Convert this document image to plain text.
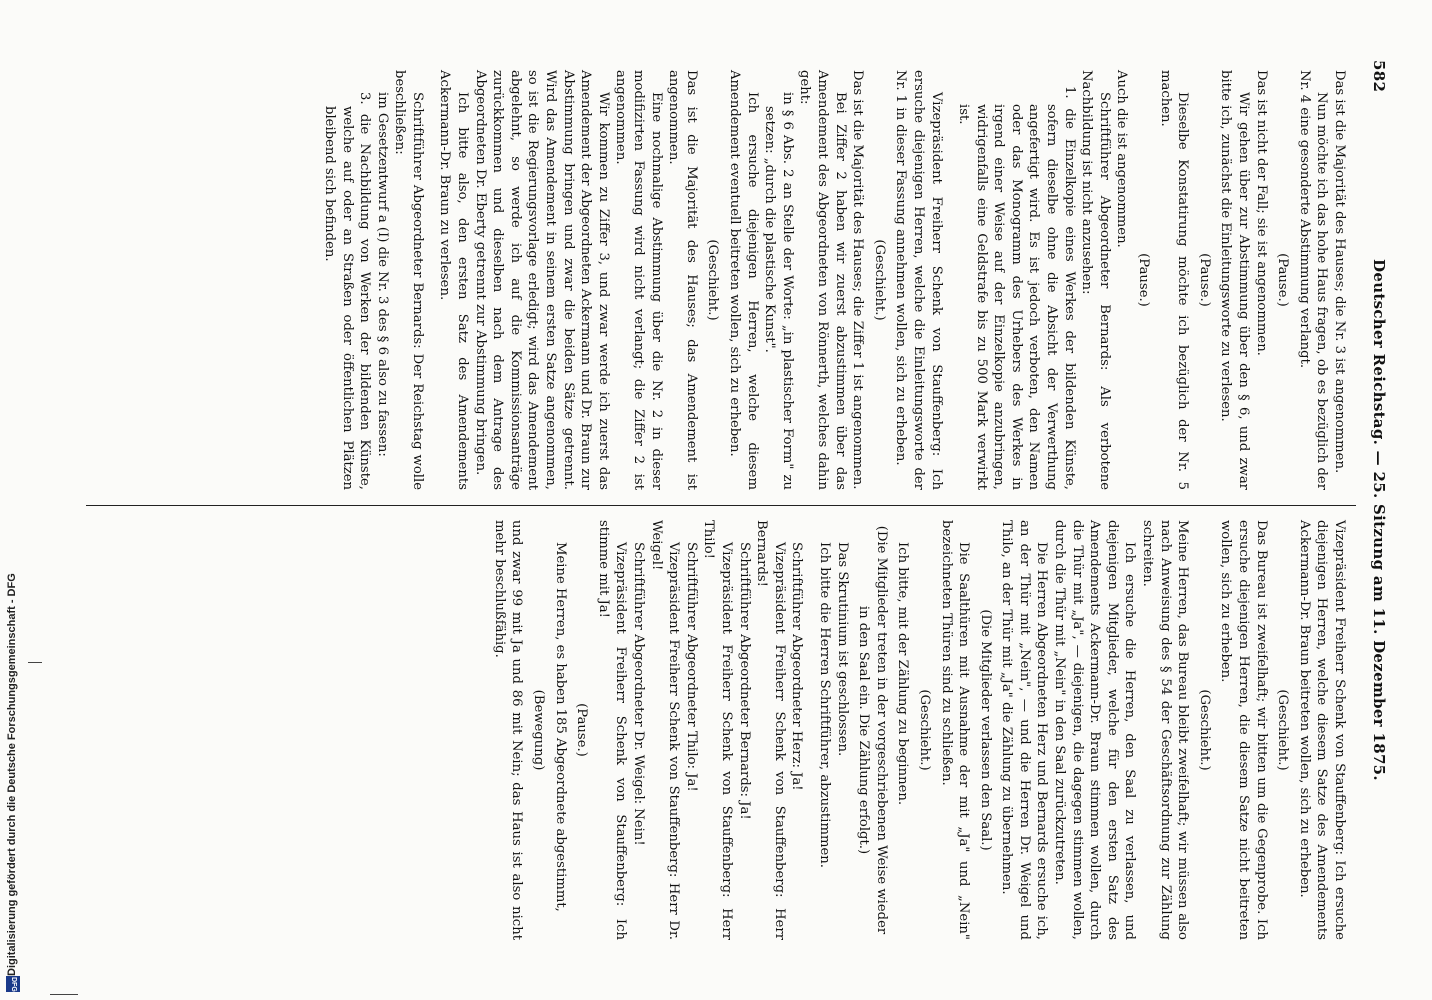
582
Deutscher Reichstag. — 25. Sitzung am 11. Dezember 1875.

Das ist die Majorität des Hauses; die Nr. 3 ist angenommen.

Nun möchte ich das hohe Haus fragen, ob es bezüglich der Nr. 4 eine gesonderte Abstimmung verlangt.

(Pause.)

Das ist nicht der Fall; sie ist angenommen.

Wir gehen über zur Abstimmung über den § 6, und zwar bitte ich, zunächst die Einleitungsworte zu verlesen.

(Pause.)

Dieselbe Konstatirung möchte ich bezüglich der Nr. 5 machen.

(Pause.)

Auch die ist angenommen.

Schriftführer Abgeordneter Bernards: Als verbotene Nachbildung ist nicht anzusehen:

1. die Einzelkopie eines Werkes der bildenden Künste, sofern dieselbe ohne die Absicht der Verwerthung angefertigt wird. Es ist jedoch verboten, den Namen oder das Monogramm des Urhebers des Werkes in irgend einer Weise auf der Einzelkopie anzubringen, widrigenfalls eine Geldstrafe bis zu 500 Mark verwirkt ist.

Vizepräsident Freiherr Schenk von Stauffenberg: Ich ersuche diejenigen Herren, welche die Einleitungsworte der Nr. 1 in dieser Fassung annehmen wollen, sich zu erheben.

(Geschieht.)

Das ist die Majorität des Hauses; die Ziffer 1 ist angenommen.

Bei Ziffer 2 haben wir zuerst abzustimmen über das Amendement des Abgeordneten von Rönnerth, welches dahin geht:

in § 6 Abs. 2 an Stelle der Worte: „in plastischer Form" zu setzen: „durch die plastische Kunst".

Ich ersuche diejenigen Herren, welche diesem Amendement eventuell beitreten wollen, sich zu erheben.

(Geschieht.)

Das ist die Majorität des Hauses; das Amendement ist angenommen.

Eine nochmalige Abstimmung über die Nr. 2 in dieser modifizirten Fassung wird nicht verlangt; die Ziffer 2 ist angenommen.

Wir kommen zu Ziffer 3, und zwar werde ich zuerst das Amendement der Abgeordneten Ackermann und Dr. Braun zur Abstimmung bringen und zwar die beiden Sätze getrennt. Wird das Amendement in seinem ersten Satze angenommen, so ist die Regierungsvorlage erledigt; wird das Amendement abgelehnt, so werde ich auf die Kommissionsanträge zurückkommen und dieselben nach dem Antrage des Abgeordneten Dr. Eberty getrennt zur Abstimmung bringen.

Ich bitte also, den ersten Satz des Amendements Ackermann-Dr. Braun zu verlesen.

Schriftführer Abgeordneter Bernards: Der Reichstag wolle beschließen:

im Gesetzentwurf a (I) die Nr. 3 des § 6 also zu fassen:

3. die Nachbildung von Werken der bildenden Künste, welche auf oder an Straßen oder öffentlichen Plätzen bleibend sich befinden.

Vizepräsident Freiherr Schenk von Stauffenberg: Ich ersuche diejenigen Herren, welche diesem Satze des Amendements Ackermann-Dr. Braun beitreten wollen, sich zu erheben.

(Geschieht.)

Das Bureau ist zweifelhaft; wir bitten um die Gegenprobe. Ich ersuche diejenigen Herren, die diesem Satze nicht beitreten wollen, sich zu erheben.

(Geschieht.)

Meine Herren, das Bureau bleibt zweifelhaft; wir müssen also nach Anweisung des § 54 der Geschäftsordnung zur Zählung schreiten.

Ich ersuche die Herren, den Saal zu verlassen, und diejenigen Mitglieder, welche für den ersten Satz des Amendements Ackermann-Dr. Braun stimmen wollen, durch die Thür mit „Ja", — diejenigen, die dagegen stimmen wollen, durch die Thür mit „Nein" in den Saal zurückzutreten.

Die Herren Abgeordneten Herz und Bernards ersuche ich, an der Thür mit „Nein", — und die Herren Dr. Weigel und Thilo, an der Thür mit „Ja" die Zählung zu übernehmen.

(Die Mitglieder verlassen den Saal.)

Die Saalthüren mit Ausnahme der mit „Ja" und „Nein" bezeichneten Thüren sind zu schließen.

(Geschieht.)

Ich bitte, mit der Zählung zu beginnen.

(Die Mitglieder treten in der vorgeschriebenen Weise wieder in den Saal ein. Die Zählung erfolgt.)

Das Skrutinium ist geschlossen.

Ich bitte die Herren Schriftführer, abzustimmen.

Schriftführer Abgeordneter Herz: Ja!

Vizepräsident Freiherr Schenk von Stauffenberg: Herr Bernards!

Schriftführer Abgeordneter Bernards: Ja!

Vizepräsident Freiherr Schenk von Stauffenberg: Herr Thilo!

Schriftführer Abgeordneter Thilo: Ja!

Vizepräsident Freiherr Schenk von Stauffenberg: Herr Dr. Weigel!

Schriftführer Abgeordneter Dr. Weigel: Nein!

Vizepräsident Freiherr Schenk von Stauffenberg: Ich stimme mit Ja!

(Pause.)

Meine Herren, es haben 185 Abgeordnete abgestimmt,

(Bewegung)

und zwar 99 mit Ja und 86 mit Nein; das Haus ist also nicht mehr beschlußfähig.

Digitalisierung gefördert durch die Deutsche Forschungsgemeinschaft - DFG
DFG
